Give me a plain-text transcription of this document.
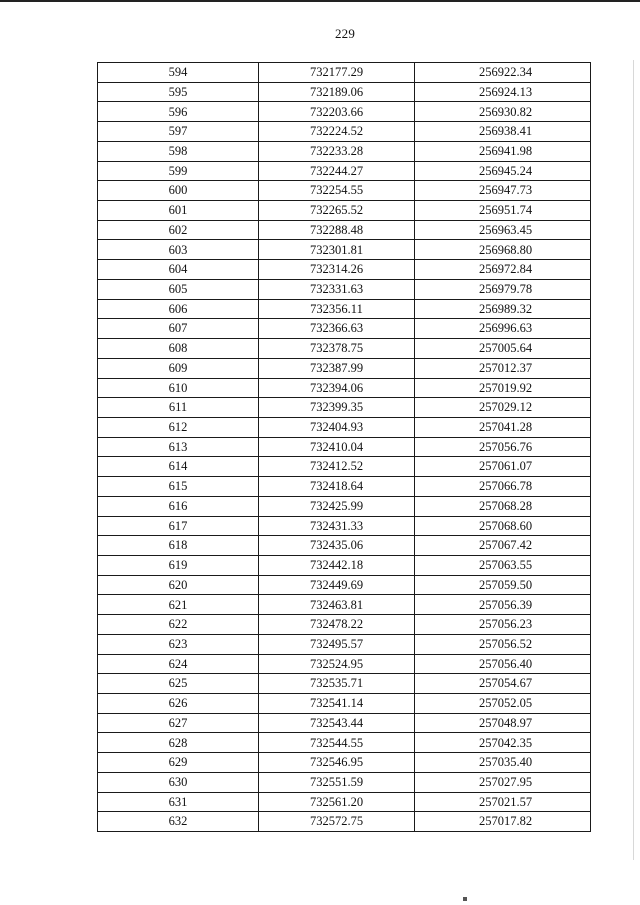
229
594	732177.29	256922.34
595	732189.06	256924.13
596	732203.66	256930.82
597	732224.52	256938.41
598	732233.28	256941.98
599	732244.27	256945.24
600	732254.55	256947.73
601	732265.52	256951.74
602	732288.48	256963.45
603	732301.81	256968.80
604	732314.26	256972.84
605	732331.63	256979.78
606	732356.11	256989.32
607	732366.63	256996.63
608	732378.75	257005.64
609	732387.99	257012.37
610	732394.06	257019.92
611	732399.35	257029.12
612	732404.93	257041.28
613	732410.04	257056.76
614	732412.52	257061.07
615	732418.64	257066.78
616	732425.99	257068.28
617	732431.33	257068.60
618	732435.06	257067.42
619	732442.18	257063.55
620	732449.69	257059.50
621	732463.81	257056.39
622	732478.22	257056.23
623	732495.57	257056.52
624	732524.95	257056.40
625	732535.71	257054.67
626	732541.14	257052.05
627	732543.44	257048.97
628	732544.55	257042.35
629	732546.95	257035.40
630	732551.59	257027.95
631	732561.20	257021.57
632	732572.75	257017.82
